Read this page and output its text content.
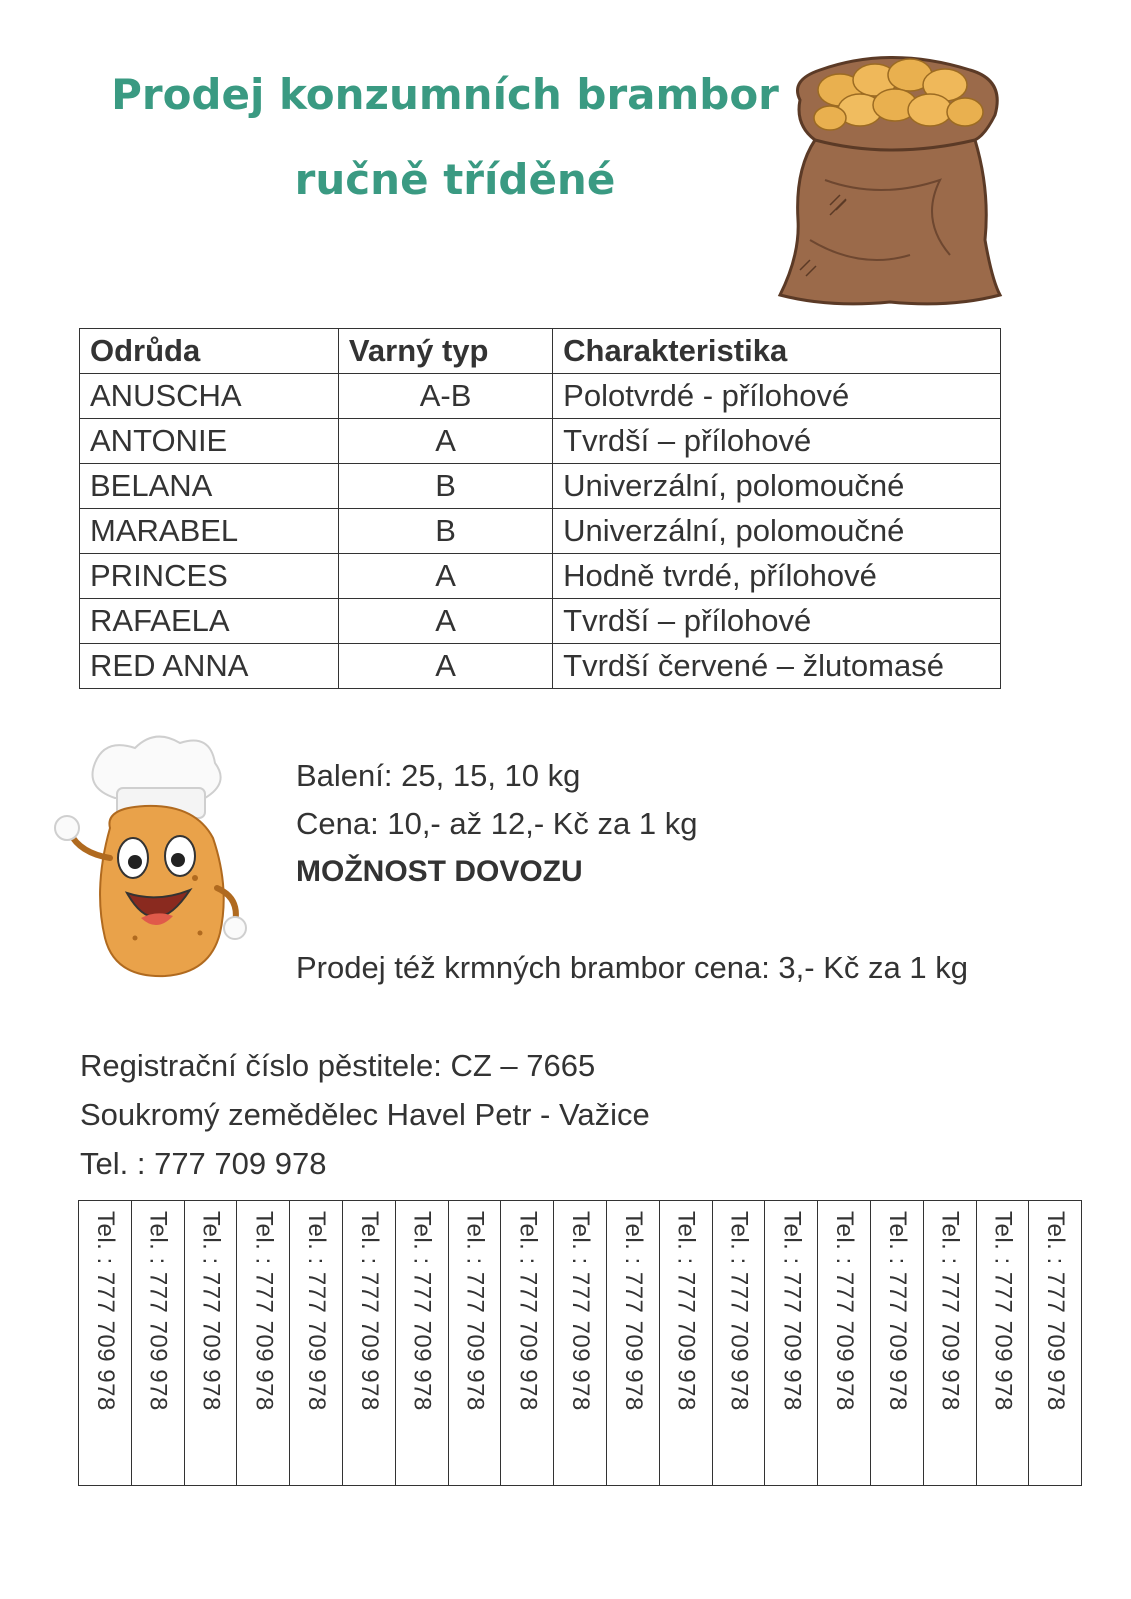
Prodej konzumních brambor
ručně tříděné
Odrůda	Varný typ	Charakteristika
ANUSCHA	A-B	Polotvrdé - přílohové
ANTONIE	A	Tvrdší – přílohové
BELANA	B	Univerzální, polomoučné
MARABEL	B	Univerzální, polomoučné
PRINCES	A	Hodně tvrdé, přílohové
RAFAELA	A	Tvrdší – přílohové
RED ANNA	A	Tvrdší červené – žlutomasé
Balení: 25, 15, 10 kg
Cena: 10,- až 12,- Kč za 1 kg
MOŽNOST DOVOZU
Prodej též krmných brambor cena: 3,- Kč za 1 kg
Registrační číslo pěstitele: CZ – 7665
Soukromý zemědělec Havel Petr - Važice
Tel. : 777 709 978
Tel. : 777 709 978 Tel. : 777 709 978 Tel. : 777 709 978 Tel. : 777 709 978 Tel. : 777 709 978 Tel. : 777 709 978 Tel. : 777 709 978 Tel. : 777 709 978 Tel. : 777 709 978 Tel. : 777 709 978 Tel. : 777 709 978 Tel. : 777 709 978 Tel. : 777 709 978 Tel. : 777 709 978 Tel. : 777 709 978 Tel. : 777 709 978 Tel. : 777 709 978 Tel. : 777 709 978 Tel. : 777 709 978
